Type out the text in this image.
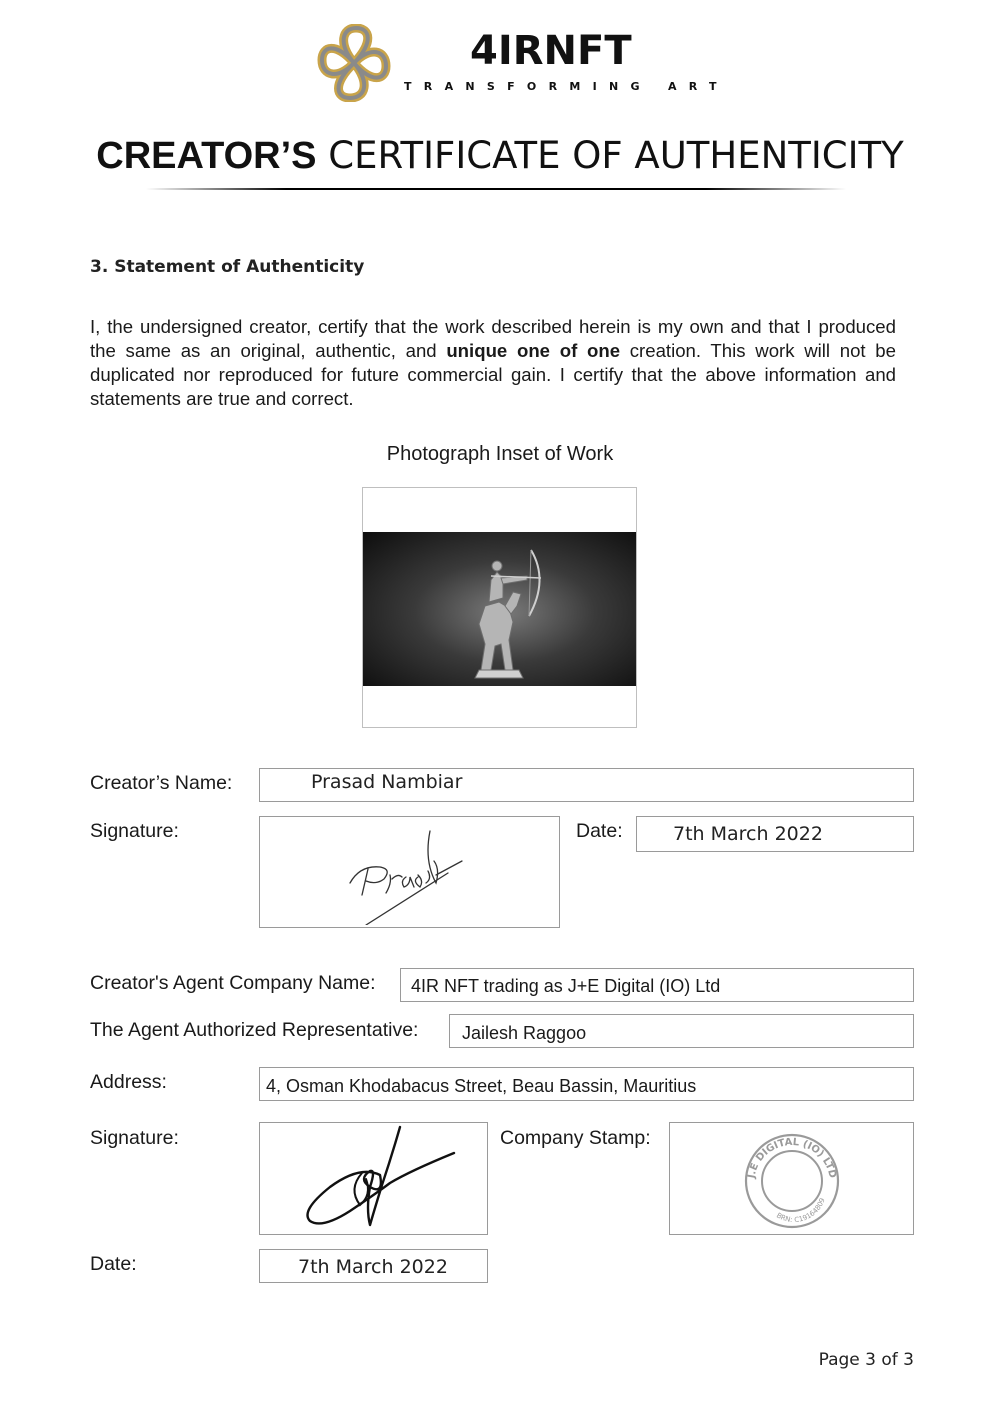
4IRNFT
TRANSFORMING ART
CREATOR’S CERTIFICATE OF AUTHENTICITY
3. Statement of Authenticity
I, the undersigned creator, certify that the work described herein is my own and that I produced the same as an original, authentic, and unique one of one creation. This work will not be duplicated nor reproduced for future commercial gain. I certify that the above information and statements are true and correct.
Photograph Inset of Work
Creator’s Name:	Prasad Nambiar
Signature:	Date:	7th March 2022
Creator's Agent Company Name: 4IR NFT trading as J+E Digital (IO) Ltd
The Agent Authorized Representative: Jailesh Raggoo
Address:	4, Osman Khodabacus Street, Beau Bassin, Mauritius
Signature:	Company Stamp:
J.E DIGITAL (IO) LTD
BRN: C19164809
Date:	7th March 2022
Page 3 of 3
